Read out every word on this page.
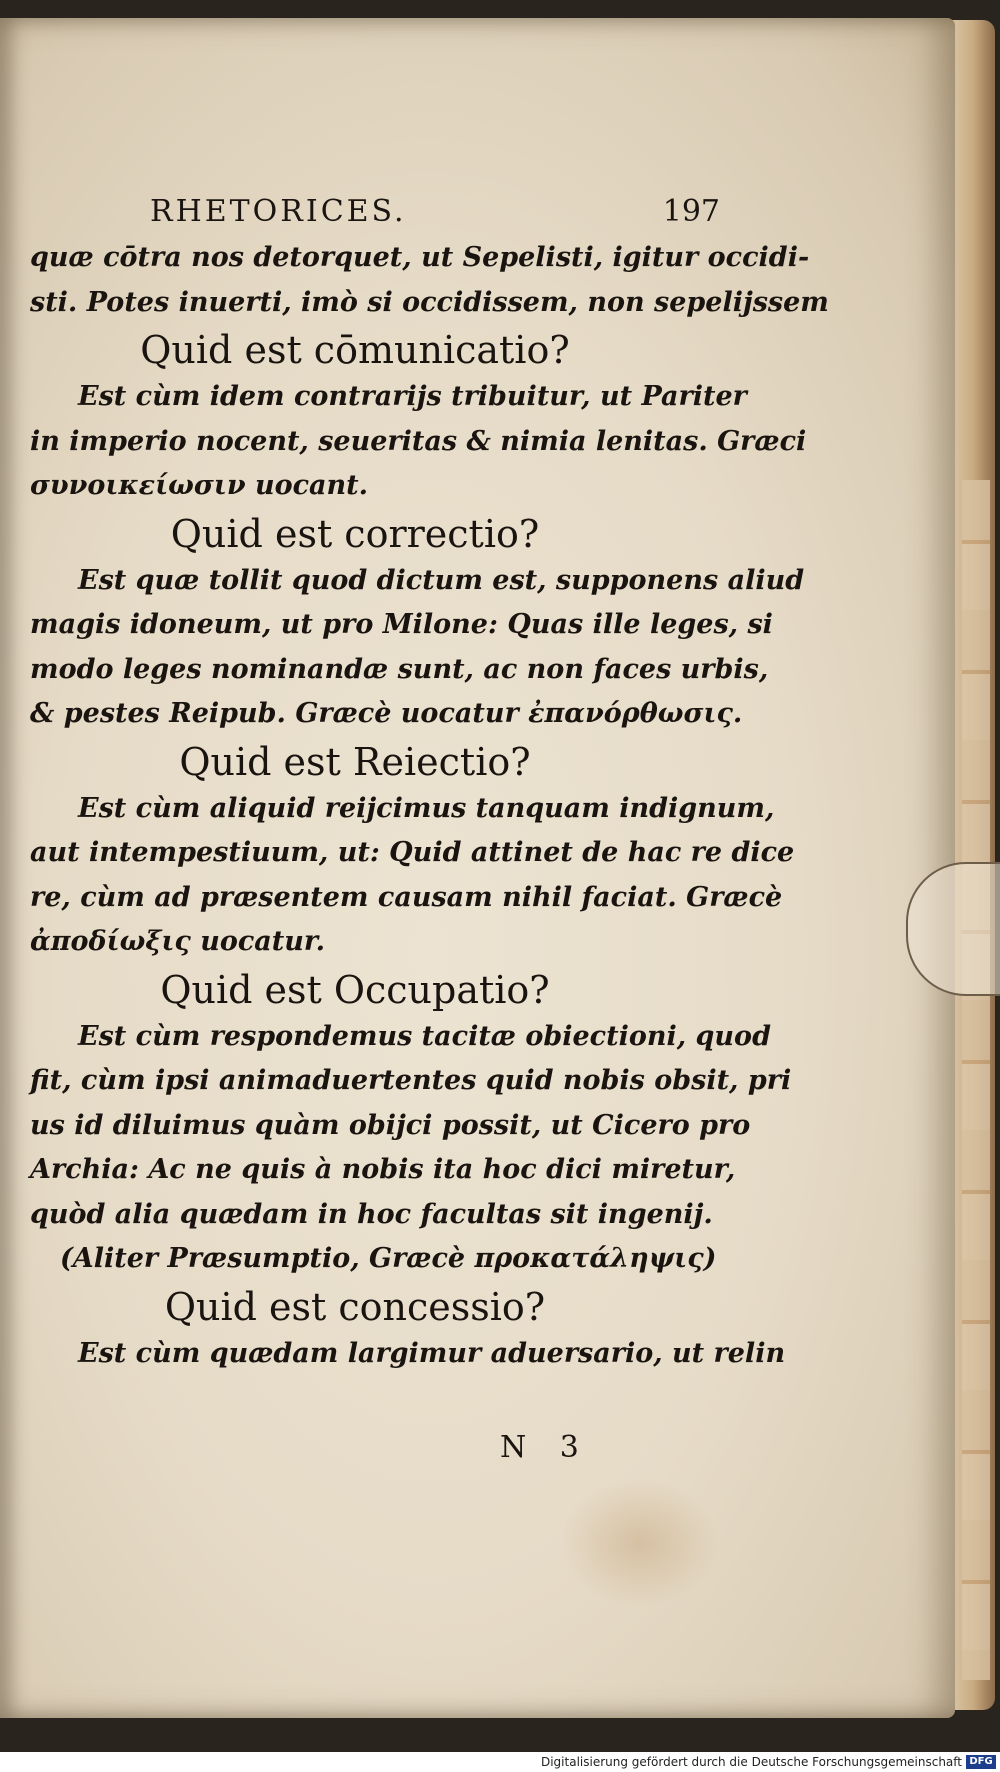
RHETORICES.	197
quæ cōtra nos detorquet, ut Sepelisti, igitur occidi-
sti. Potes inuerti, imò si occidissem, non sepelijssem
Quid est cōmunicatio?
Est cùm idem contrarijs tribuitur, ut Pariter
in imperio nocent, seueritas & nimia lenitas. Græci
συνοικείωσιν uocant.
Quid est correctio?
Est quæ tollit quod dictum est, supponens aliud
magis idoneum, ut pro Milone: Quas ille leges, si
modo leges nominandæ sunt, ac non faces urbis,
& pestes Reipub. Græcè uocatur ἐπανόρθωσις.
Quid est Reiectio?
Est cùm aliquid reijcimus tanquam indignum,
aut intempestiuum, ut: Quid attinet de hac re dice
re, cùm ad præsentem causam nihil faciat. Græcè
ἀποδίωξις uocatur.
Quid est Occupatio?
Est cùm respondemus tacitæ obiectioni, quod
fit, cùm ipsi animaduertentes quid nobis obsit, pri
us id diluimus quàm obijci possit, ut Cicero pro
Archia: Ac ne quis à nobis ita hoc dici miretur,
quòd alia quædam in hoc facultas sit ingenij.
(Aliter Præsumptio, Græcè προκατάληψις)
Quid est concessio?
Est cùm quædam largimur aduersario, ut relin
N 3
Digitalisierung gefördert durch die Deutsche Forschungsgemeinschaft DFG
